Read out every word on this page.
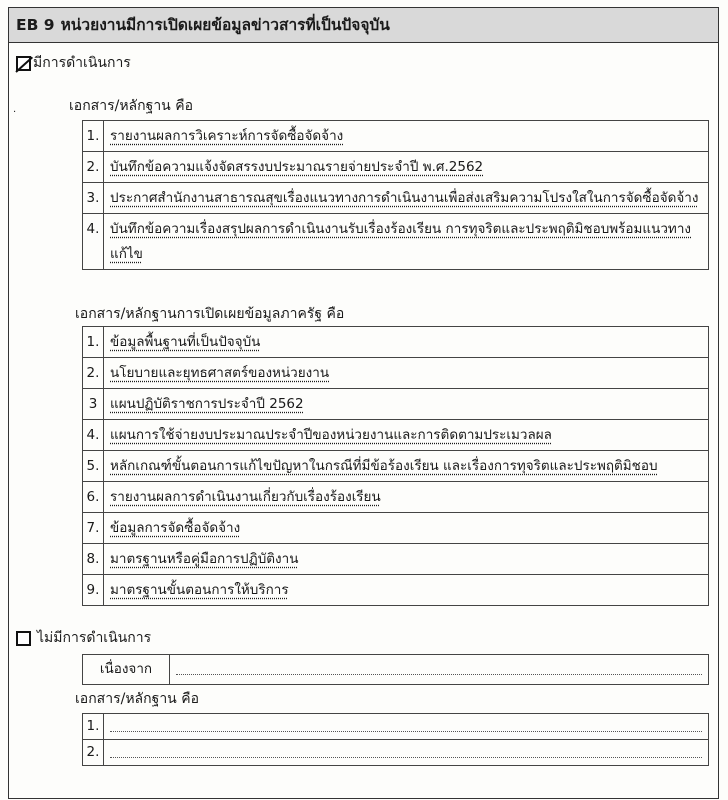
EB 9 หน่วยงานมีการเปิดเผยข้อมูลข่าวสารที่เป็นปัจจุบัน
มีการดำเนินการ
.	เอกสาร/หลักฐาน คือ
1.	รายงานผลการวิเคราะห์การจัดซื้อจัดจ้าง
2.	บันทึกข้อความแจ้งจัดสรรงบประมาณรายจ่ายประจำปี พ.ศ.2562
3.	ประกาศสำนักงานสาธารณสุขเรื่องแนวทางการดำเนินงานเพื่อส่งเสริมความโปรงใสในการจัดซื้อจัดจ้าง
4.	บันทึกข้อความเรื่องสรุปผลการดำเนินงานรับเรื่องร้องเรียน การทุจริตและประพฤติมิชอบพร้อมแนวทางแก้ไข
เอกสาร/หลักฐานการเปิดเผยข้อมูลภาครัฐ คือ
1.	ข้อมูลพื้นฐานที่เป็นปัจจุบัน
2.	นโยบายและยุทธศาสตร์ของหน่วยงาน
3	แผนปฏิบัติราชการประจำปี 2562
4.	แผนการใช้จ่ายงบประมาณประจำปีของหน่วยงานและการติดตามประเมวลผล
5.	หลักเกณฑ์ขั้นตอนการแก้ไขปัญหาในกรณีที่มีข้อร้องเรียน และเรื่องการทุจริตและประพฤติมิชอบ
6.	รายงานผลการดำเนินงานเกี่ยวกับเรื่องร้องเรียน
7.	ข้อมูลการจัดซื้อจัดจ้าง
8.	มาตรฐานหรือคู่มือการปฏิบัติงาน
9.	มาตรฐานขั้นตอนการให้บริการ
ไม่มีการดำเนินการ
เนื่องจาก	
เอกสาร/หลักฐาน คือ
1.	

2.	
